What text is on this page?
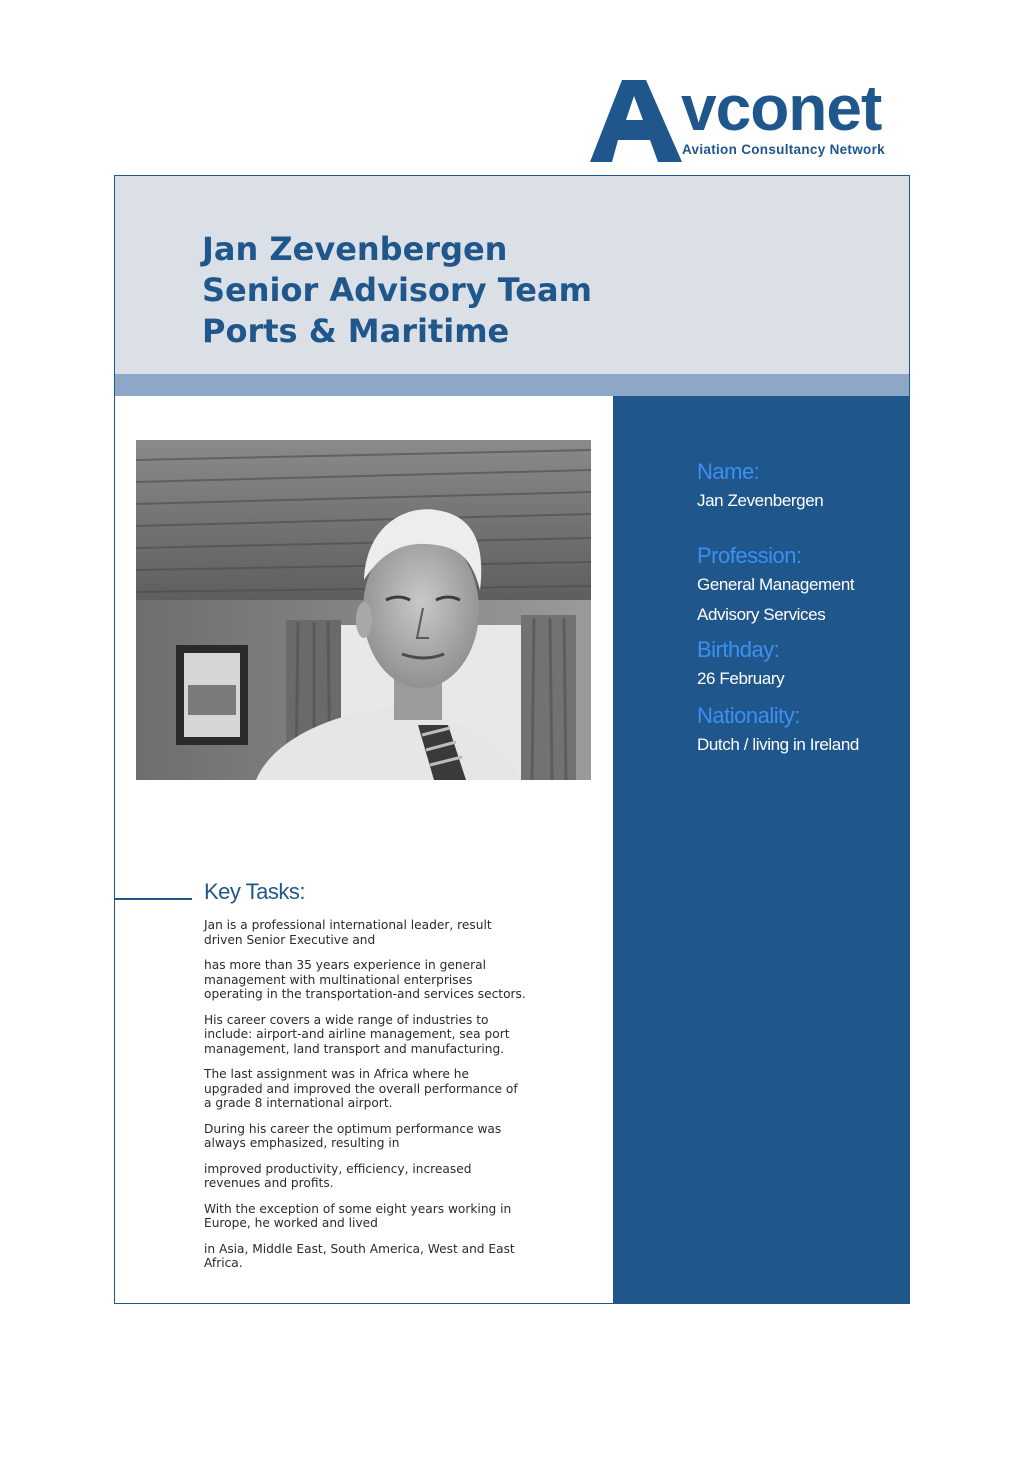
vconet
Aviation Consultancy Network
Jan Zevenbergen
Senior Advisory Team
Ports & Maritime

Name:

Jan Zevenbergen

Profession:

General Management

Advisory Services

Birthday:

26 February

Nationality:

Dutch / living in Ireland

Key Tasks:

Jan is a professional international leader, result
driven Senior Executive and

has more than 35 years experience in general
management with multinational enterprises
operating in the transportation-and services sectors.

His career covers a wide range of industries to
include: airport-and airline management, sea port
management, land transport and manufacturing.

The last assignment was in Africa where he
upgraded and improved the overall performance of
a grade 8 international airport.

During his career the optimum performance was
always emphasized, resulting in

improved productivity, efficiency, increased
revenues and profits.

With the exception of some eight years working in
Europe, he worked and lived

in Asia, Middle East, South America, West and East
Africa.
